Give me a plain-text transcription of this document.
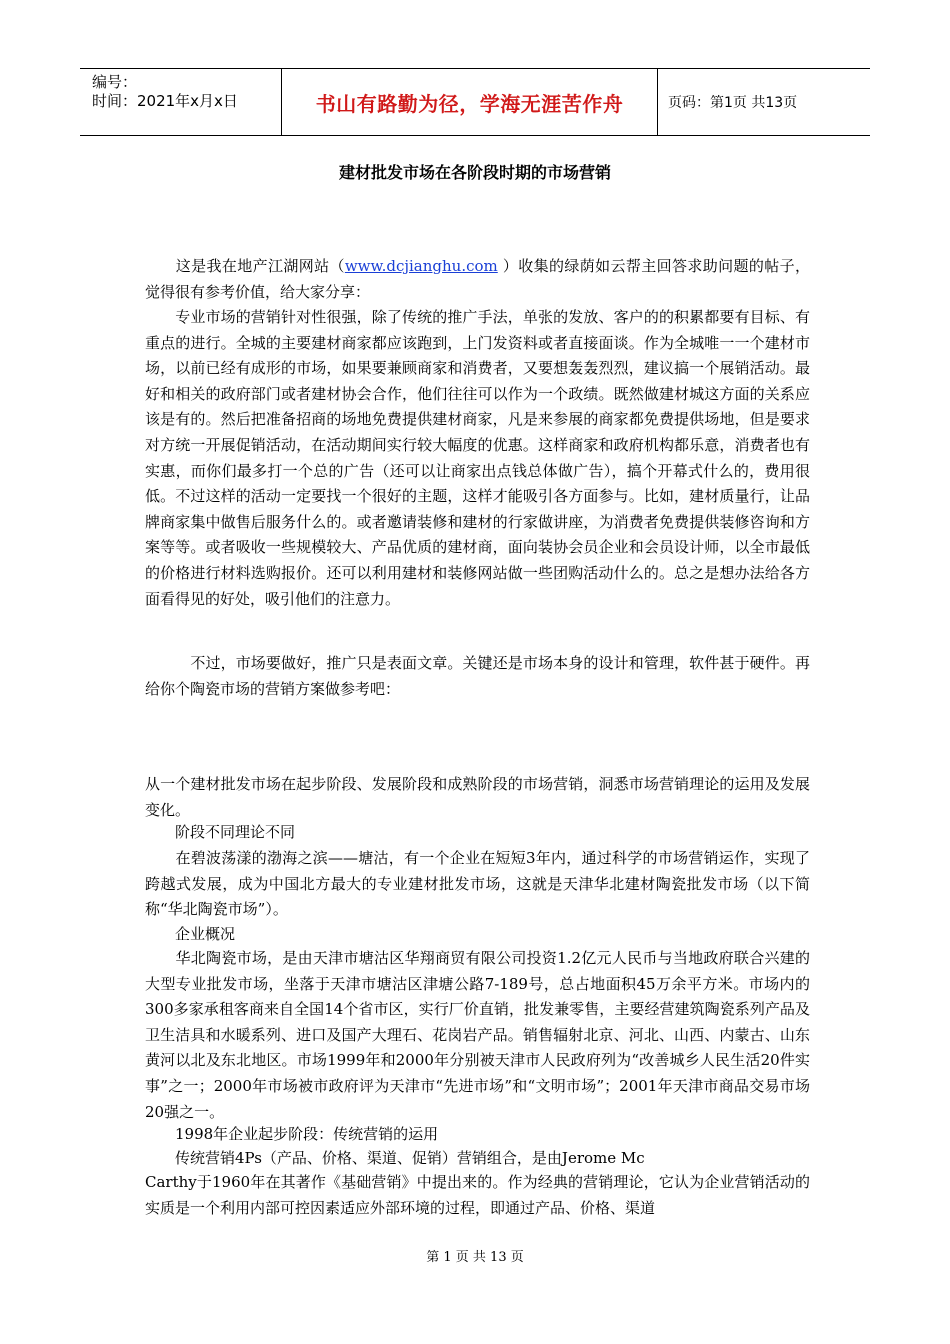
编号：
时间：2021年x月x日	书山有路勤为径，学海无涯苦作舟	页码：第1页 共13页
建材批发市场在各阶段时期的市场营销
　　这是我在地产江湖网站（www.dcjianghu.com ）收集的绿荫如云帮主回答求助问题的帖子，觉得很有参考价值，给大家分享：
　　专业市场的营销针对性很强，除了传统的推广手法，单张的发放、客户的的积累都要有目标、有重点的进行。全城的主要建材商家都应该跑到，上门发资料或者直接面谈。作为全城唯一一个建材市场，以前已经有成形的市场，如果要兼顾商家和消费者，又要想轰轰烈烈，建议搞一个展销活动。最好和相关的政府部门或者建材协会合作，他们往往可以作为一个政绩。既然做建材城这方面的关系应该是有的。然后把准备招商的场地免费提供建材商家，凡是来参展的商家都免费提供场地，但是要求对方统一开展促销活动，在活动期间实行较大幅度的优惠。这样商家和政府机构都乐意，消费者也有实惠，而你们最多打一个总的广告（还可以让商家出点钱总体做广告），搞个开幕式什么的，费用很低。不过这样的活动一定要找一个很好的主题，这样才能吸引各方面参与。比如，建材质量行，让品牌商家集中做售后服务什么的。或者邀请装修和建材的行家做讲座，为消费者免费提供装修咨询和方案等等。或者吸收一些规模较大、产品优质的建材商，面向装协会员企业和会员设计师，以全市最低的价格进行材料选购报价。还可以利用建材和装修网站做一些团购活动什么的。总之是想办法给各方面看得见的好处，吸引他们的注意力。
　　　不过，市场要做好，推广只是表面文章。关键还是市场本身的设计和管理，软件甚于硬件。再给你个陶瓷市场的营销方案做参考吧：
从一个建材批发市场在起步阶段、发展阶段和成熟阶段的市场营销，洞悉市场营销理论的运用及发展变化。
　　阶段不同理论不同
　　在碧波荡漾的渤海之滨——塘沽，有一个企业在短短3年内，通过科学的市场营销运作，实现了跨越式发展，成为中国北方最大的专业建材批发市场，这就是天津华北建材陶瓷批发市场（以下简称“华北陶瓷市场”）。
　　企业概况
　　华北陶瓷市场，是由天津市塘沽区华翔商贸有限公司投资1.2亿元人民币与当地政府联合兴建的大型专业批发市场，坐落于天津市塘沽区津塘公路7-189号，总占地面积45万余平方米。市场内的300多家承租客商来自全国14个省市区，实行厂价直销，批发兼零售，主要经营建筑陶瓷系列产品及卫生洁具和水暖系列、进口及国产大理石、花岗岩产品。销售辐射北京、河北、山西、内蒙古、山东黄河以北及东北地区。市场1999年和2000年分别被天津市人民政府列为“改善城乡人民生活20件实事”之一；2000年市场被市政府评为天津市“先进市场”和“文明市场”；2001年天津市商品交易市场20强之一。
　　1998年企业起步阶段：传统营销的运用
　　传统营销4Ps（产品、价格、渠道、促销）营销组合，是由Jerome Mc
Carthy于1960年在其著作《基础营销》中提出来的。作为经典的营销理论，它认为企业营销活动的实质是一个利用内部可控因素适应外部环境的过程，即通过产品、价格、渠道
第 1 页 共 13 页
